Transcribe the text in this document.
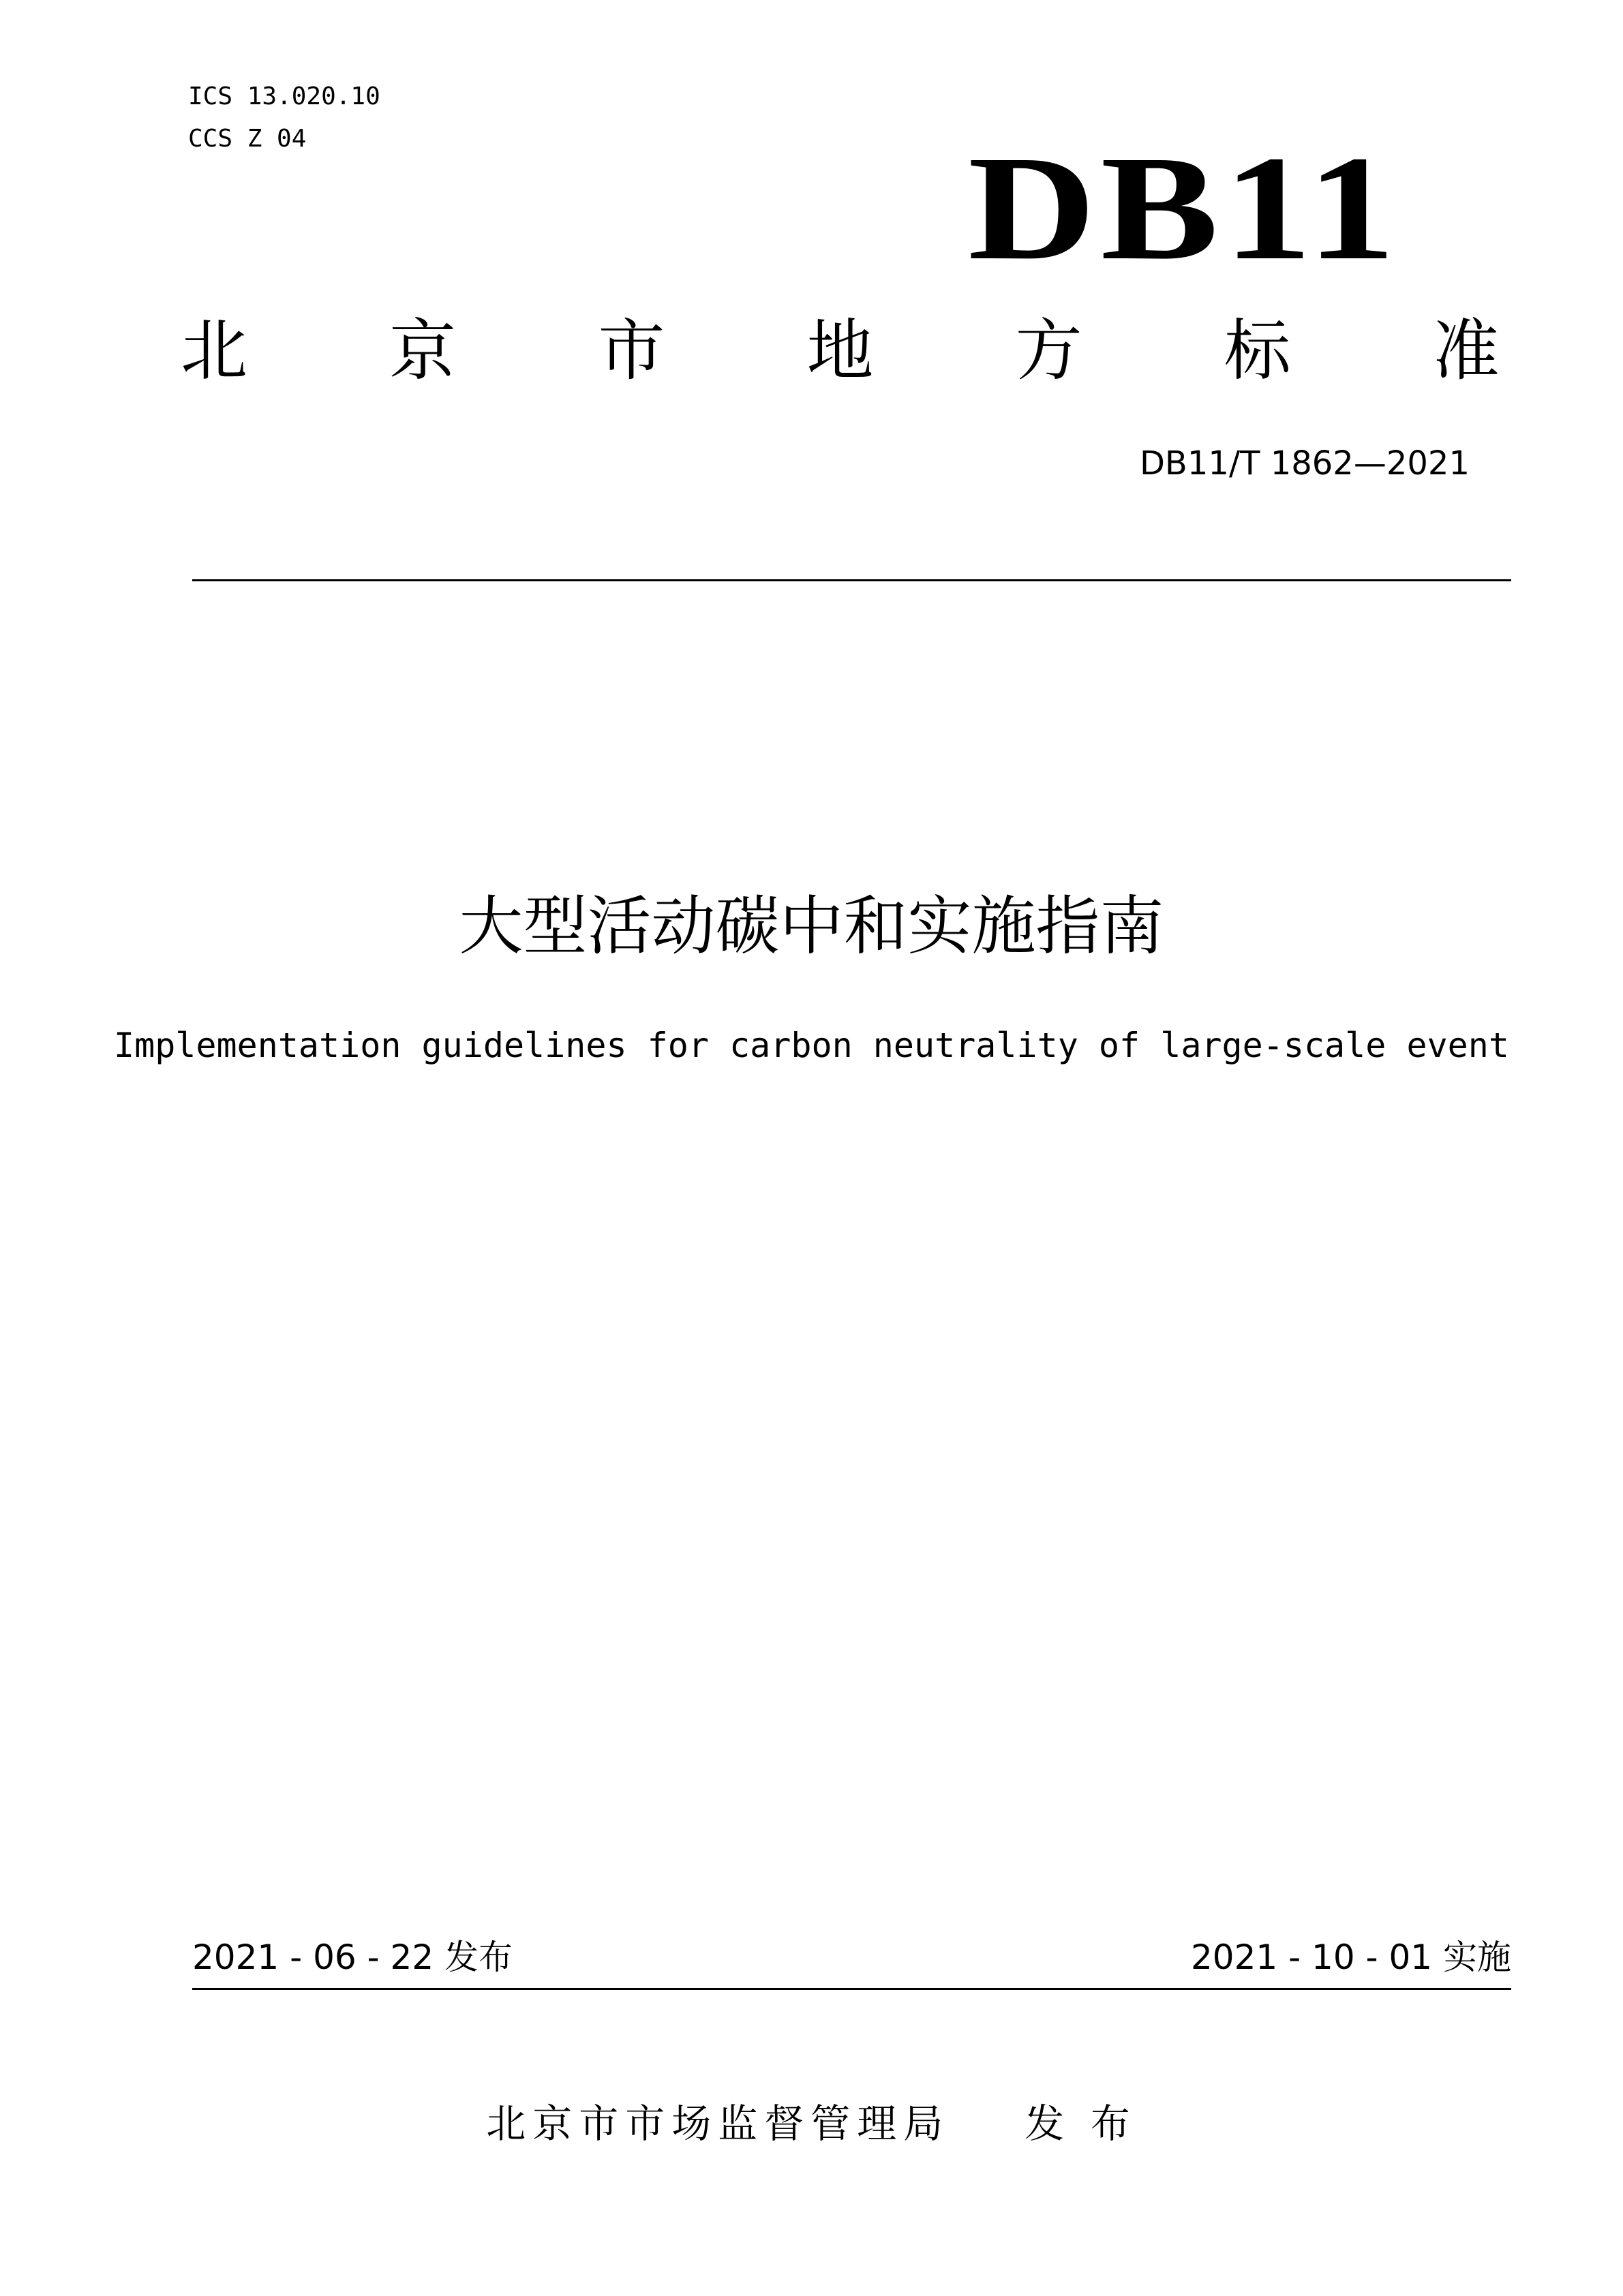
ICS 13.020.10
CCS Z 04	DB11
北 京 市 地 方 标 准
DB11/T 1862—2021
大型活动碳中和实施指南
Implementation guidelines for carbon neutrality of large-scale event
2021 - 06 - 22 发布	2021 - 10 - 01 实施
北京市市场监督管理局 发 布
